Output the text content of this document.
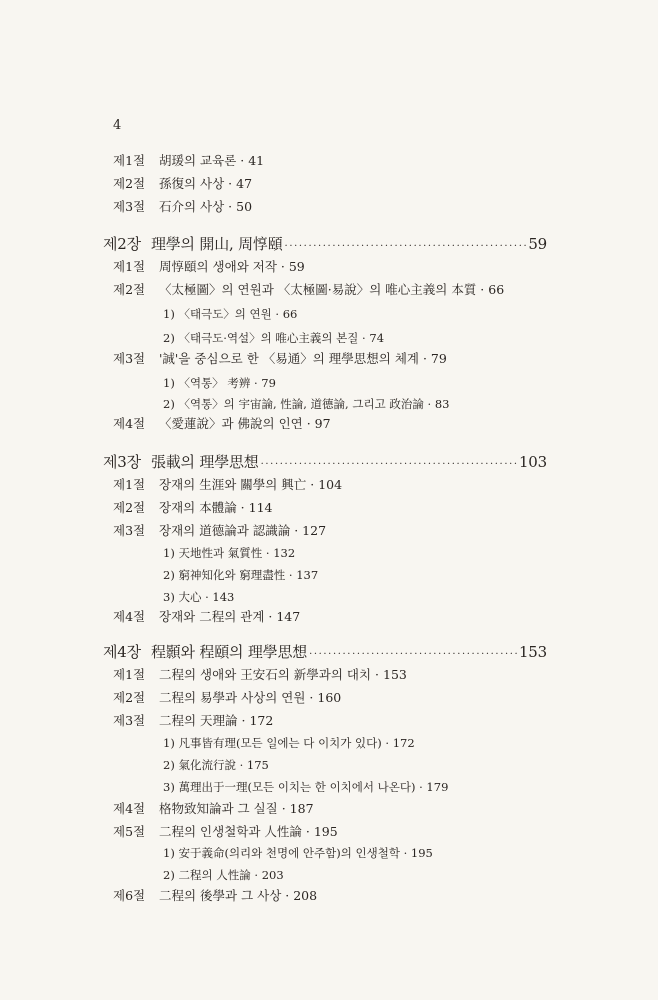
4
제1절 胡瑗의 교육론 · 41
제2절 孫復의 사상 · 47
제3절 石介의 사상 · 50
제2장 理學의 開山, 周惇頤 ·····	59
제1절 周惇頤의 생애와 저작 · 59
제2절 〈太極圖〉의 연원과 〈太極圖·易說〉의 唯心主義의 本質 · 66
1) 〈태극도〉의 연원 · 66
2) 〈태극도·역설〉의 唯心主義의 본질 · 74
제3절 '誠'을 중심으로 한 〈易通〉의 理學思想의 체계 · 79
1) 〈역통〉 考辨 · 79
2) 〈역통〉의 宇宙論, 性論, 道德論, 그리고 政治論 · 83
제4절 〈愛蓮說〉과 佛說의 인연 · 97
제3장 張載의 理學思想 ·····	103
제1절 장재의 生涯와 關學의 興亡 · 104
제2절 장재의 本體論 · 114
제3절 장재의 道德論과 認識論 · 127
1) 天地性과 氣質性 · 132
2) 窮神知化와 窮理盡性 · 137
3) 大心 · 143
제4절 장재와 二程의 관계 · 147
제4장 程顥와 程頤의 理學思想 ·····	153
제1절 二程의 생애와 王安石의 新學과의 대치 · 153
제2절 二程의 易學과 사상의 연원 · 160
제3절 二程의 天理論 · 172
1) 凡事皆有理(모든 일에는 다 이치가 있다) · 172
2) 氣化流行說 · 175
3) 萬理出于一理(모든 이치는 한 이치에서 나온다) · 179
제4절 格物致知論과 그 실질 · 187
제5절 二程의 인생철학과 人性論 · 195
1) 安于義命(의리와 천명에 안주함)의 인생철학 · 195
2) 二程의 人性論 · 203
제6절 二程의 後學과 그 사상 · 208
